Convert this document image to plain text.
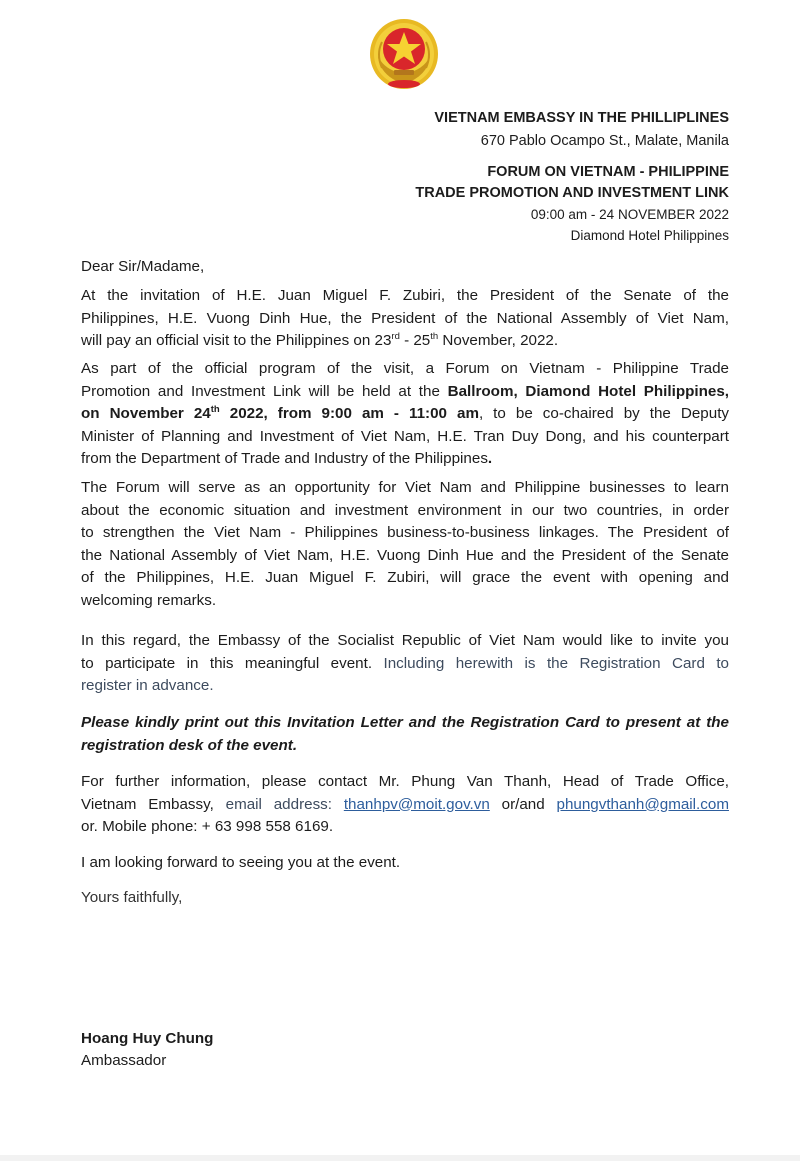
VIETNAM EMBASSY IN THE PHILLIPLINES
670 Pablo Ocampo St., Malate, Manila
FORUM ON VIETNAM - PHILIPPINE
TRADE PROMOTION AND INVESTMENT LINK
09:00 am - 24 NOVEMBER 2022
Diamond Hotel Philippines
Dear Sir/Madame,
At the invitation of H.E. Juan Miguel F. Zubiri, the President of the Senate of the
Philippines, H.E. Vuong Dinh Hue, the President of the National Assembly of Viet Nam,
will pay an official visit to the Philippines on 23rd - 25th November, 2022.
As part of the official program of the visit, a Forum on Vietnam - Philippine Trade
Promotion and Investment Link will be held at the Ballroom, Diamond Hotel Philippines,
on November 24th 2022, from 9:00 am - 11:00 am, to be co-chaired by the Deputy
Minister of Planning and Investment of Viet Nam, H.E. Tran Duy Dong, and his counterpart
from the Department of Trade and Industry of the Philippines.
The Forum will serve as an opportunity for Viet Nam and Philippine businesses to learn
about the economic situation and investment environment in our two countries, in order
to strengthen the Viet Nam - Philippines business-to-business linkages. The President of
the National Assembly of Viet Nam, H.E. Vuong Dinh Hue and the President of the Senate
of the Philippines, H.E. Juan Miguel F. Zubiri, will grace the event with opening and
welcoming remarks.
In this regard, the Embassy of the Socialist Republic of Viet Nam would like to invite you
to participate in this meaningful event. Including herewith is the Registration Card to
register in advance.
Please kindly print out this Invitation Letter and the Registration Card to present at the
registration desk of the event.
For further information, please contact Mr. Phung Van Thanh, Head of Trade Office,
Vietnam Embassy, email address: thanhpv@moit.gov.vn or/and phungvthanh@gmail.com
or. Mobile phone: + 63 998 558 6169.
I am looking forward to seeing you at the event.
Yours faithfully,
Hoang Huy Chung
Ambassador
